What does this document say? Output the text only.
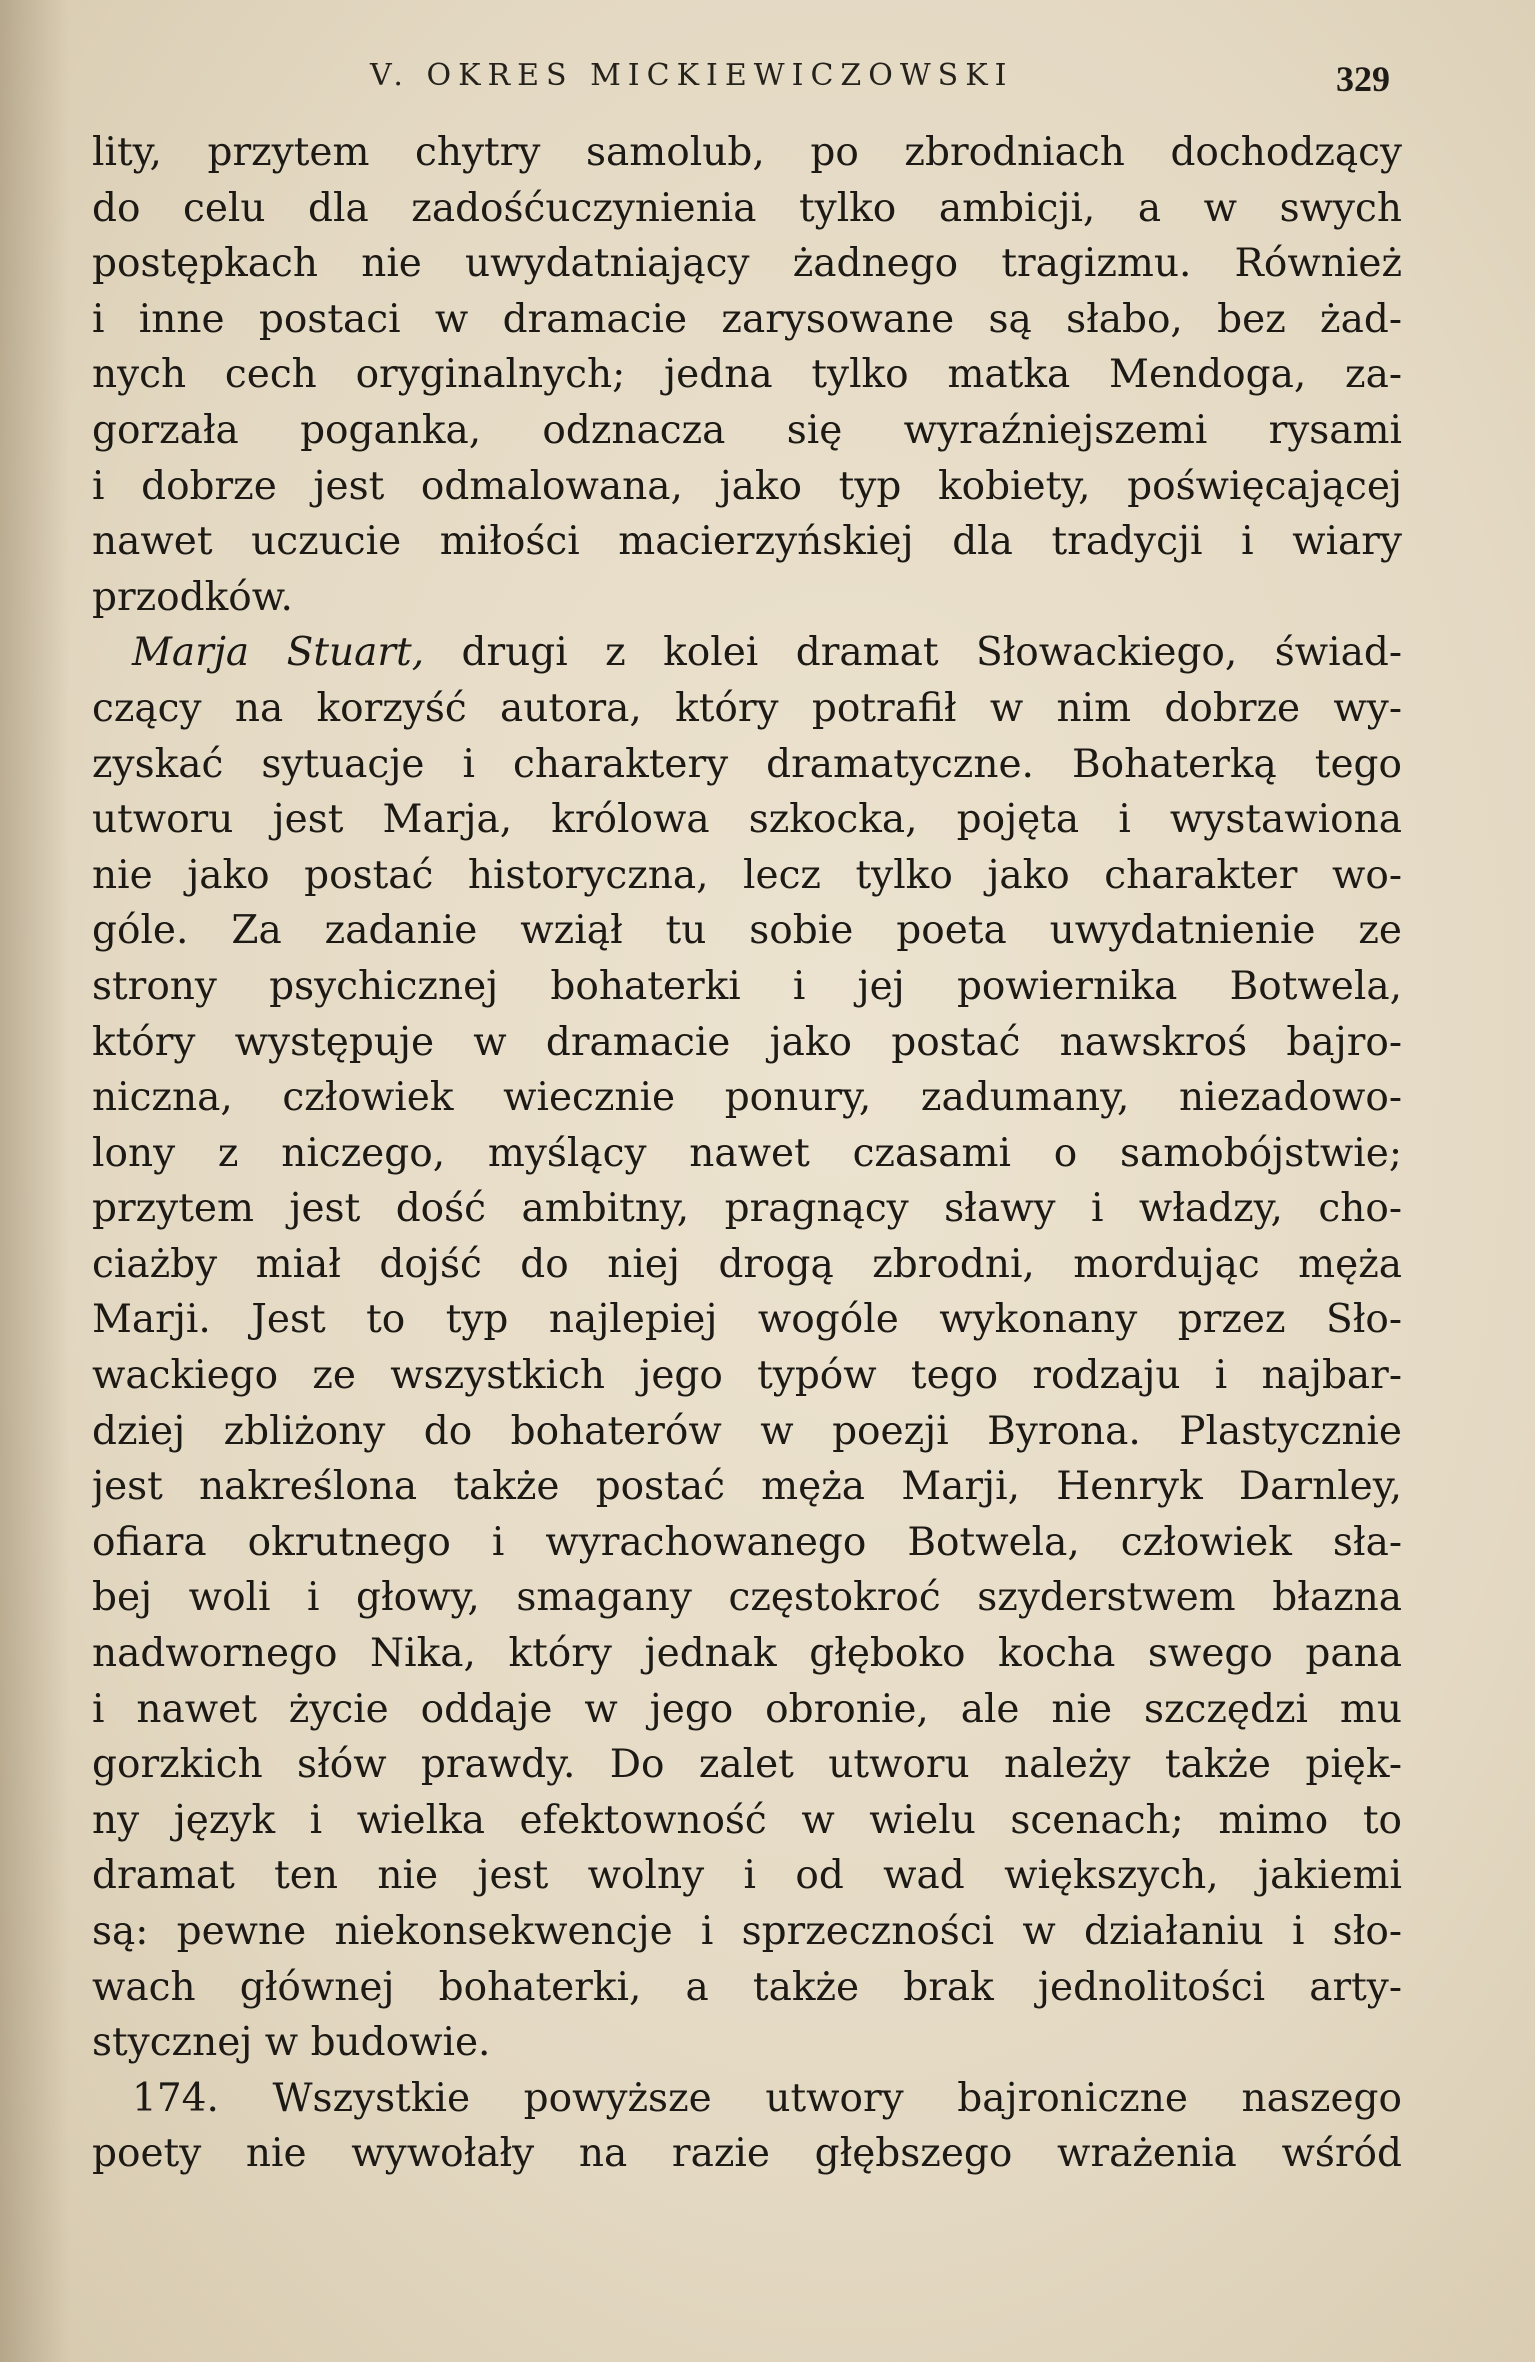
V. OKRES MICKIEWICZOWSKI	329
lity, przytem chytry samolub, po zbrodniach dochodzący
do celu dla zadośćuczynienia tylko ambicji, a w swych
postępkach nie uwydatniający żadnego tragizmu. Również
i inne postaci w dramacie zarysowane są słabo, bez żad-
nych cech oryginalnych; jedna tylko matka Mendoga, za-
gorzała poganka, odznacza się wyraźniejszemi rysami
i dobrze jest odmalowana, jako typ kobiety, poświęcającej
nawet uczucie miłości macierzyńskiej dla tradycji i wiary
przodków.
Marja Stuart, drugi z kolei dramat Słowackiego, świad-
czący na korzyść autora, który potrafił w nim dobrze wy-
zyskać sytuacje i charaktery dramatyczne. Bohaterką tego
utworu jest Marja, królowa szkocka, pojęta i wystawiona
nie jako postać historyczna, lecz tylko jako charakter wo-
góle. Za zadanie wziął tu sobie poeta uwydatnienie ze
strony psychicznej bohaterki i jej powiernika Botwela,
który występuje w dramacie jako postać nawskroś bajro-
niczna, człowiek wiecznie ponury, zadumany, niezadowo-
lony z niczego, myślący nawet czasami o samobójstwie;
przytem jest dość ambitny, pragnący sławy i władzy, cho-
ciażby miał dojść do niej drogą zbrodni, mordując męża
Marji. Jest to typ najlepiej wogóle wykonany przez Sło-
wackiego ze wszystkich jego typów tego rodzaju i najbar-
dziej zbliżony do bohaterów w poezji Byrona. Plastycznie
jest nakreślona także postać męża Marji, Henryk Darnley,
ofiara okrutnego i wyrachowanego Botwela, człowiek sła-
bej woli i głowy, smagany częstokroć szyderstwem błazna
nadwornego Nika, który jednak głęboko kocha swego pana
i nawet życie oddaje w jego obronie, ale nie szczędzi mu
gorzkich słów prawdy. Do zalet utworu należy także pięk-
ny język i wielka efektowność w wielu scenach; mimo to
dramat ten nie jest wolny i od wad większych, jakiemi
są: pewne niekonsekwencje i sprzeczności w działaniu i sło-
wach głównej bohaterki, a także brak jednolitości arty-
stycznej w budowie.
174. Wszystkie powyższe utwory bajroniczne naszego
poety nie wywołały na razie głębszego wrażenia wśród
